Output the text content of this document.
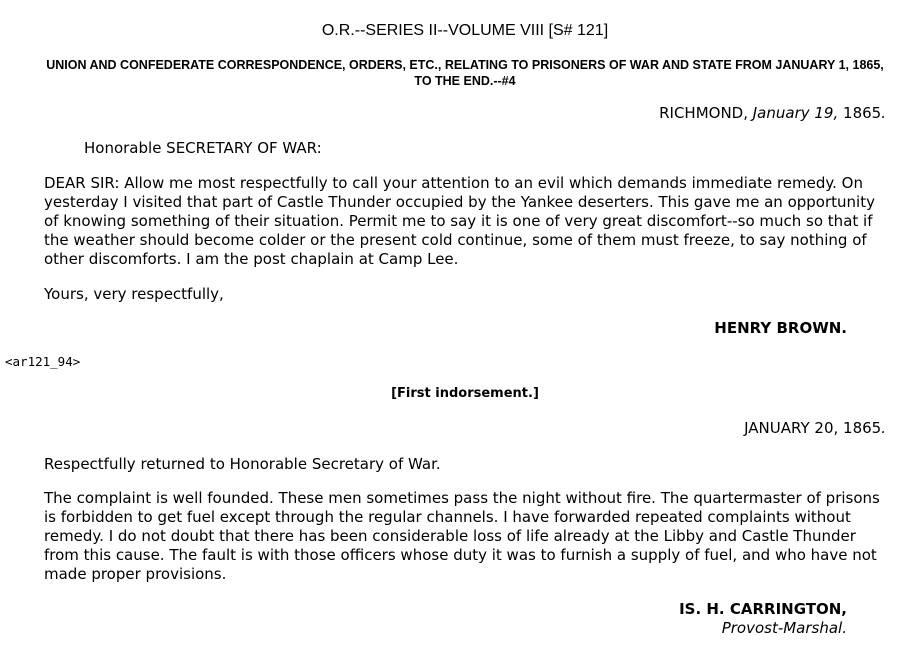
O.R.--SERIES II--VOLUME VIII [S# 121]
UNION AND CONFEDERATE CORRESPONDENCE, ORDERS, ETC., RELATING TO PRISONERS OF WAR AND STATE FROM JANUARY 1, 1865, TO THE END.--#4
RICHMOND, January 19, 1865.
Honorable SECRETARY OF WAR:
DEAR SIR: Allow me most respectfully to call your attention to an evil which demands immediate remedy. On yesterday I visited that part of Castle Thunder occupied by the Yankee deserters. This gave me an opportunity of knowing something of their situation. Permit me to say it is one of very great discomfort--so much so that if the weather should become colder or the present cold continue, some of them must freeze, to say nothing of other discomforts. I am the post chaplain at Camp Lee.
Yours, very respectfully,
HENRY BROWN.
<ar121_94>
[First indorsement.]
JANUARY 20, 1865.
Respectfully returned to Honorable Secretary of War.
The complaint is well founded. These men sometimes pass the night without fire. The quartermaster of prisons is forbidden to get fuel except through the regular channels. I have forwarded repeated complaints without remedy. I do not doubt that there has been considerable loss of life already at the Libby and Castle Thunder from this cause. The fault is with those officers whose duty it was to furnish a supply of fuel, and who have not made proper provisions.
IS. H. CARRINGTON,
Provost-Marshal.
